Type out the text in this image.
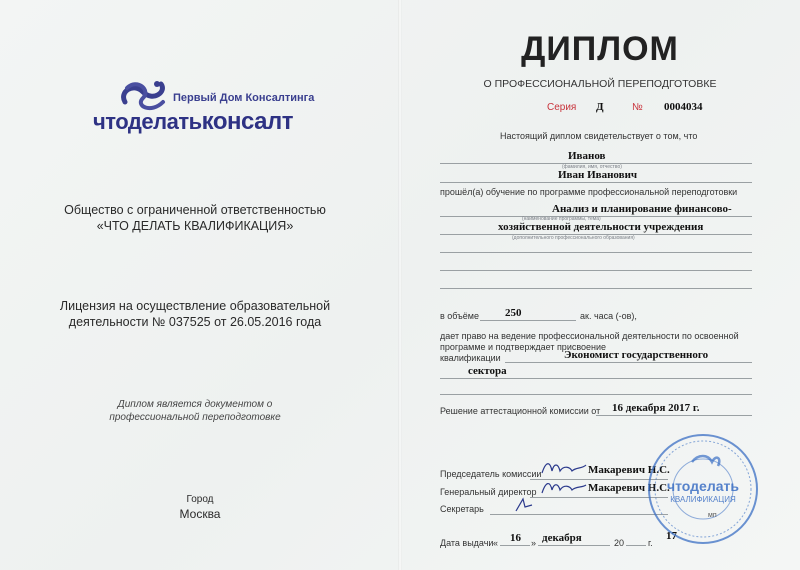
Первый Дом Консалтинга
чтоделатьконсалт
Общество с ограниченной ответственностью
«ЧТО ДЕЛАТЬ КВАЛИФИКАЦИЯ»
Лицензия на осуществление образовательной
деятельности № 037525 от 26.05.2016 года
Диплом является документом о
профессиональной переподготовке
Город
Москва
ДИПЛОМ
О ПРОФЕССИОНАЛЬНОЙ ПЕРЕПОДГОТОВКЕ
Серия Д	№ 0004034
Настоящий диплом свидетельствует о том, что
Иванов
(фамилия, имя, отчество)
Иван Иванович
прошёл(а) обучение по программе профессиональной переподготовки
Анализ и планирование финансово-
(наименование программы, тема)
хозяйственной деятельности учреждения
(дополнительного профессионального образования)
в объёме 250	ак. часа (-ов),
дает право на ведение профессиональной деятельности по освоенной
программе и подтверждает присвоение
квалификации	Экономист государственного
сектора
Решение аттестационной комиссии от 16 декабря 2017 г.
Председатель комиссии	Макаревич Н.С.
Генеральный директор	Макаревич Н.С.
Секретарь
Дата выдачи « 16 » декабря	20	г.
17
чтоделать
КВАЛИФИКАЦИЯ
мп
